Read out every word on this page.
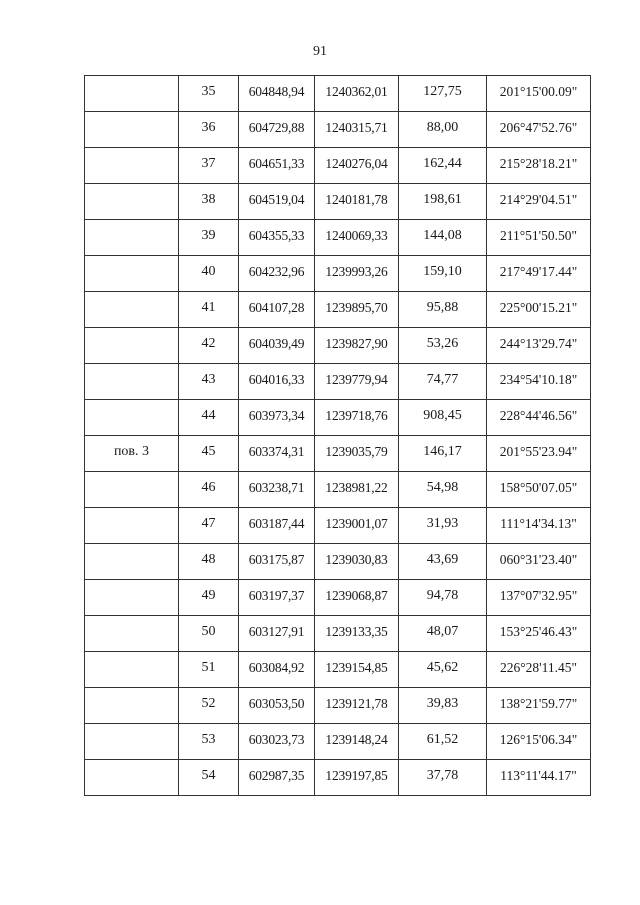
91
	35	604848,94	1240362,01	127,75	201°15'00.09"
	36	604729,88	1240315,71	88,00	206°47'52.76"
	37	604651,33	1240276,04	162,44	215°28'18.21"
	38	604519,04	1240181,78	198,61	214°29'04.51"
	39	604355,33	1240069,33	144,08	211°51'50.50"
	40	604232,96	1239993,26	159,10	217°49'17.44"
	41	604107,28	1239895,70	95,88	225°00'15.21"
	42	604039,49	1239827,90	53,26	244°13'29.74"
	43	604016,33	1239779,94	74,77	234°54'10.18"
	44	603973,34	1239718,76	908,45	228°44'46.56"
пов. 3	45	603374,31	1239035,79	146,17	201°55'23.94"
	46	603238,71	1238981,22	54,98	158°50'07.05"
	47	603187,44	1239001,07	31,93	111°14'34.13"
	48	603175,87	1239030,83	43,69	060°31'23.40"
	49	603197,37	1239068,87	94,78	137°07'32.95"
	50	603127,91	1239133,35	48,07	153°25'46.43"
	51	603084,92	1239154,85	45,62	226°28'11.45"
	52	603053,50	1239121,78	39,83	138°21'59.77"
	53	603023,73	1239148,24	61,52	126°15'06.34"
	54	602987,35	1239197,85	37,78	113°11'44.17"
